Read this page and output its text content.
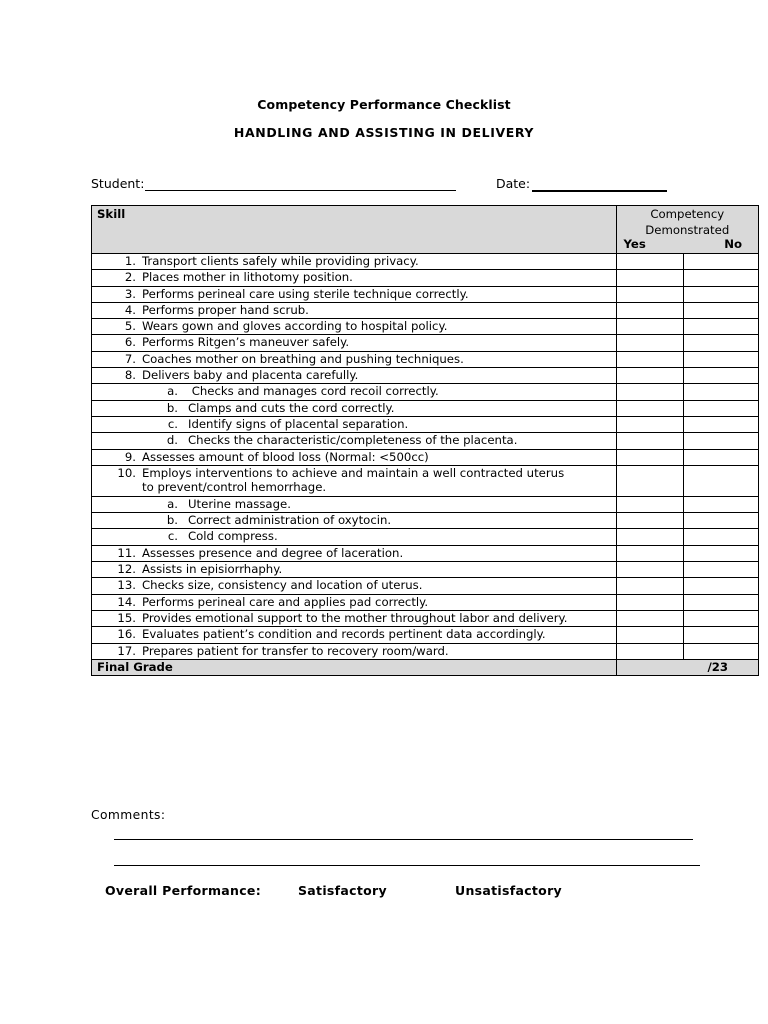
Competency Performance Checklist
HANDLING AND ASSISTING IN DELIVERY
Student:	Date:
Skill	Competency
Demonstrated
Yes No	

1. Transport clients safely while providing privacy.		
2. Places mother in lithotomy position.		
3. Performs perineal care using sterile technique correctly.		
4. Performs proper hand scrub.		
5. Wears gown and gloves according to hospital policy.		
6. Performs Ritgen’s maneuver safely.		
7. Coaches mother on breathing and pushing techniques.		
8. Delivers baby and placenta carefully.		
a. Checks and manages cord recoil correctly.		
b. Clamps and cuts the cord correctly.		
c. Identify signs of placental separation.		
d. Checks the characteristic/completeness of the placenta.		
9. Assesses amount of blood loss (Normal: <500cc)		
10. Employs interventions to achieve and maintain a well contracted uterus
to prevent/control hemorrhage.		

a. Uterine massage.		
b. Correct administration of oxytocin.		
c. Cold compress.		
11. Assesses presence and degree of laceration.		
12. Assists in episiorrhaphy.		
13. Checks size, consistency and location of uterus.		
14. Performs perineal care and applies pad correctly.		
15. Provides emotional support to the mother throughout labor and delivery.		
16. Evaluates patient’s condition and records pertinent data accordingly.		
17. Prepares patient for transfer to recovery room/ward.		
Final Grade	/23	
Comments:
Overall Performance:	Satisfactory	Unsatisfactory
